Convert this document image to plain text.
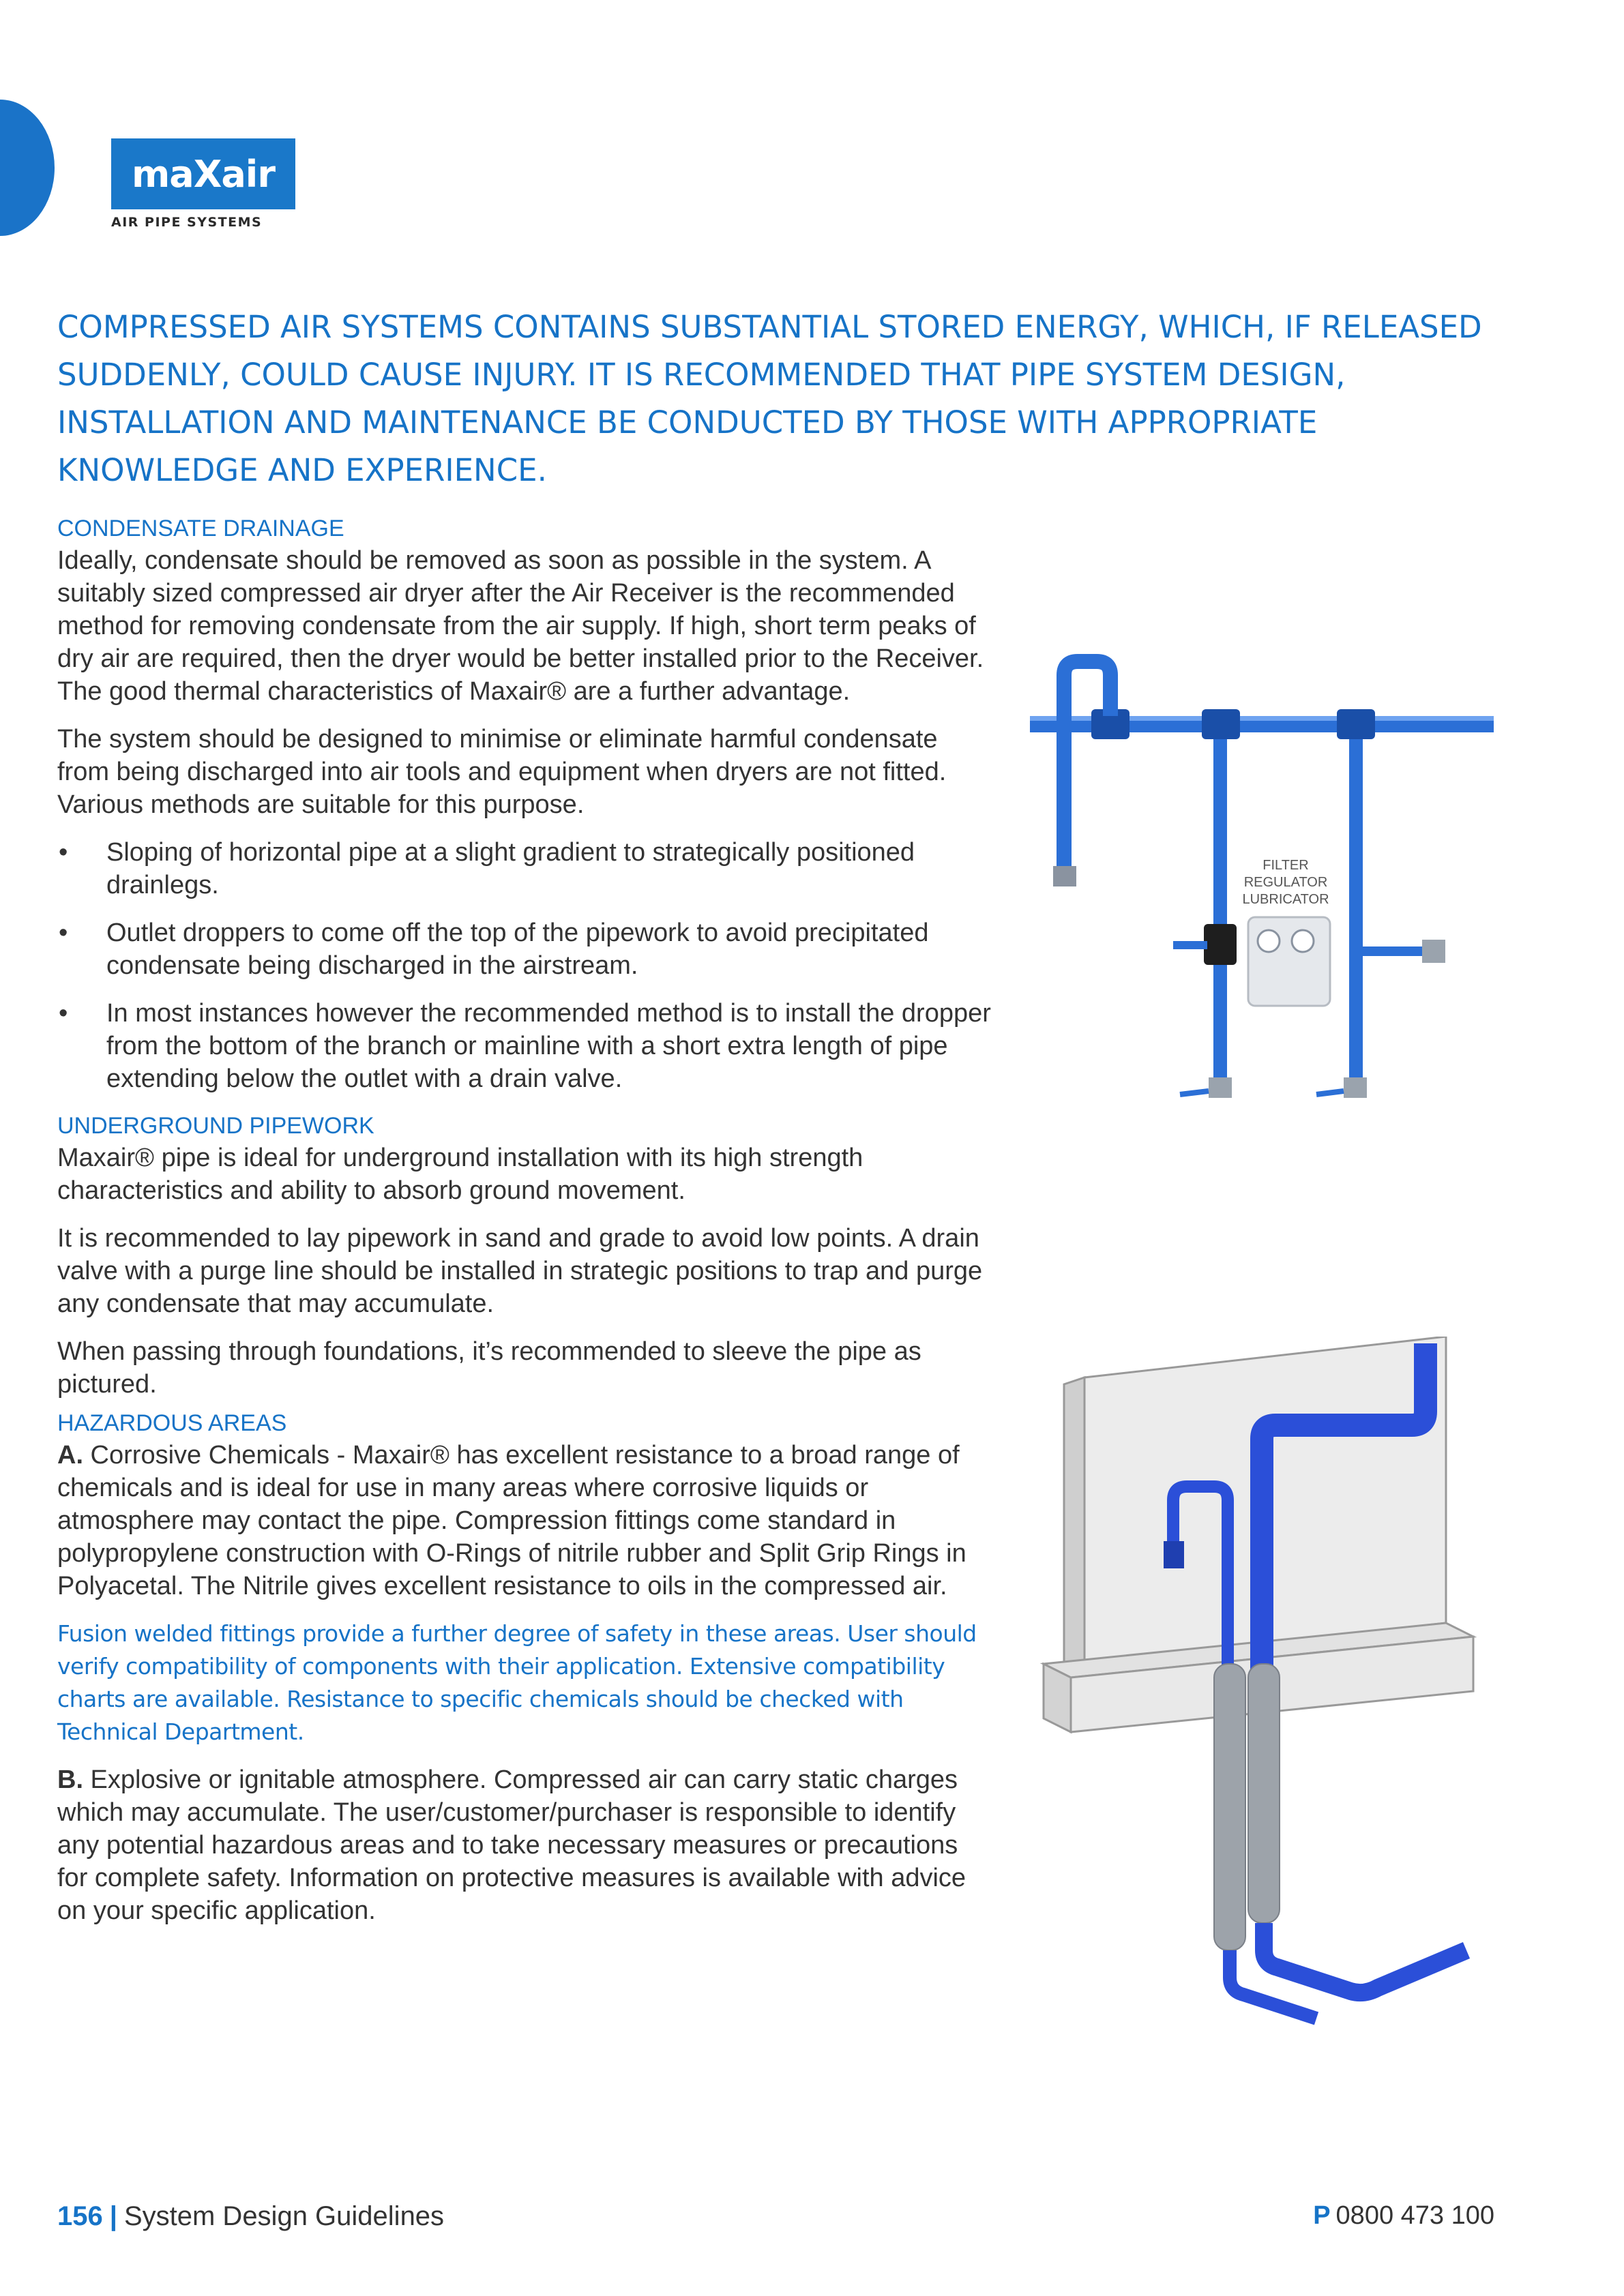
maXair
AIR PIPE SYSTEMS
COMPRESSED AIR SYSTEMS CONTAINS SUBSTANTIAL STORED ENERGY, WHICH, IF RELEASED SUDDENLY, COULD CAUSE INJURY. IT IS RECOMMENDED THAT PIPE SYSTEM DESIGN, INSTALLATION AND MAINTENANCE BE CONDUCTED BY THOSE WITH APPROPRIATE KNOWLEDGE AND EXPERIENCE.
CONDENSATE DRAINAGE

Ideally, condensate should be removed as soon as possible in the system. A suitably sized compressed air dryer after the Air Receiver is the recommended method for removing condensate from the air supply. If high, short term peaks of dry air are required, then the dryer would be better installed prior to the Receiver. The good thermal characteristics of Maxair® are a further advantage.

The system should be designed to minimise or eliminate harmful condensate from being discharged into air tools and equipment when dryers are not fitted. Various methods are suitable for this purpose.

• Sloping of horizontal pipe at a slight gradient to strategically positioned drainlegs.
• Outlet droppers to come off the top of the pipework to avoid precipitated condensate being discharged in the airstream.
• In most instances however the recommended method is to install the dropper from the bottom of the branch or mainline with a short extra length of pipe extending below the outlet with a drain valve.
UNDERGROUND PIPEWORK

Maxair® pipe is ideal for underground installation with its high strength characteristics and ability to absorb ground movement.

It is recommended to lay pipework in sand and grade to avoid low points. A drain valve with a purge line should be installed in strategic positions to trap and purge any condensate that may accumulate.

When passing through foundations, it’s recommended to sleeve the pipe as pictured.

HAZARDOUS AREAS

A. Corrosive Chemicals - Maxair® has excellent resistance to a broad range of chemicals and is ideal for use in many areas where corrosive liquids or atmosphere may contact the pipe. Compression fittings come standard in polypropylene construction with O-Rings of nitrile rubber and Split Grip Rings in Polyacetal. The Nitrile gives excellent resistance to oils in the compressed air.

Fusion welded fittings provide a further degree of safety in these areas. User should verify compatibility of components with their application. Extensive compatibility charts are available. Resistance to specific chemicals should be checked with Technical Department.

B. Explosive or ignitable atmosphere. Compressed air can carry static charges which may accumulate. The user/customer/purchaser is responsible to identify any potential hazardous areas and to take necessary measures or precautions for complete safety. Information on protective measures is available with advice on your specific application.

FILTER
REGULATOR
LUBRICATOR
156 | System Design Guidelines	P 0800 473 100
